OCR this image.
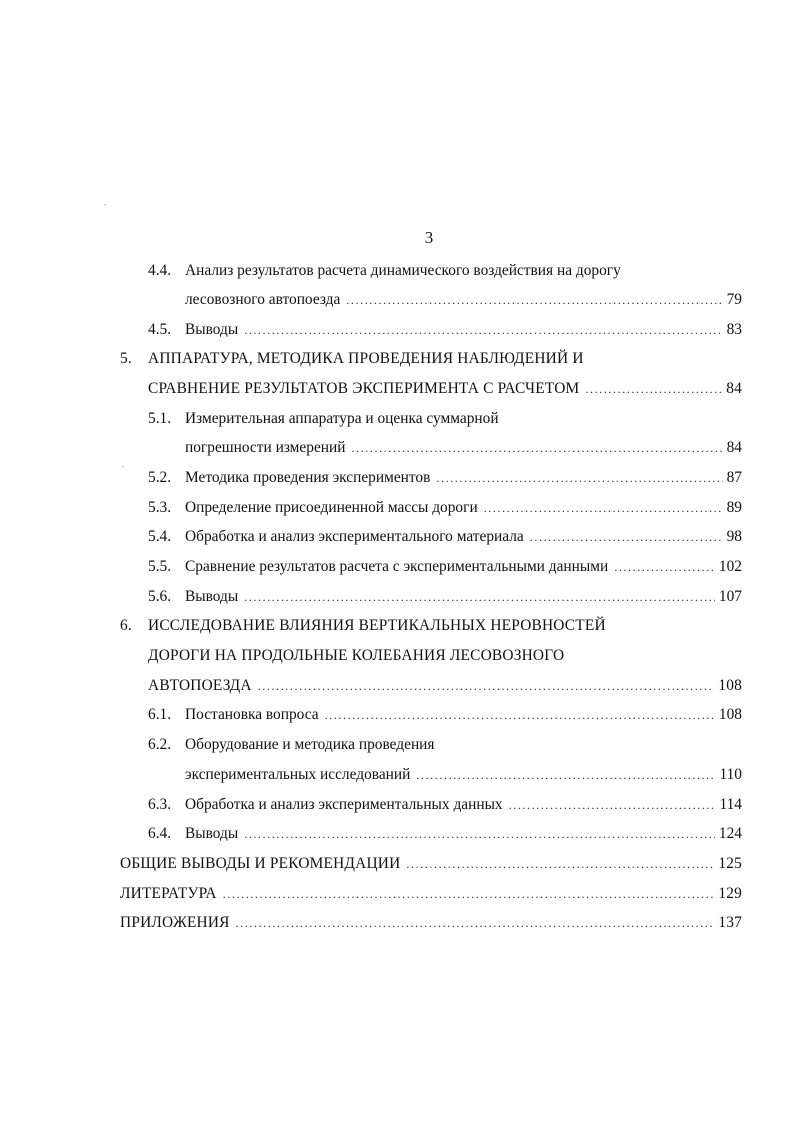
3
4.4. Анализ результатов расчета динамического воздействия на дорогу
лесовозного автопоезда .....	79
4.5. Выводы .....	83
5.	АППАРАТУРА, МЕТОДИКА ПРОВЕДЕНИЯ НАБЛЮДЕНИЙ И
СРАВНЕНИЕ РЕЗУЛЬТАТОВ ЭКСПЕРИМЕНТА С РАСЧЕТОМ .....	84
5.1. Измерительная аппаратура и оценка суммарной
погрешности измерений .....	84
5.2. Методика проведения экспериментов .....	87
5.3. Определение присоединенной массы дороги .....	89
5.4. Обработка и анализ экспериментального материала .....	98
5.5. Сравнение результатов расчета с экспериментальными данными .....	102
5.6. Выводы .....	107
6.	ИССЛЕДОВАНИЕ ВЛИЯНИЯ ВЕРТИКАЛЬНЫХ НЕРОВНОСТЕЙ
ДОРОГИ НА ПРОДОЛЬНЫЕ КОЛЕБАНИЯ ЛЕСОВОЗНОГО
АВТОПОЕЗДА .....	108
6.1. Постановка вопроса .....	108
6.2. Оборудование и методика проведения
экспериментальных исследований .....	110
6.3. Обработка и анализ экспериментальных данных .....	114
6.4. Выводы .....	124
ОБЩИЕ ВЫВОДЫ И РЕКОМЕНДАЦИИ .....	125
ЛИТЕРАТУРА .....	129
ПРИЛОЖЕНИЯ .....	137
